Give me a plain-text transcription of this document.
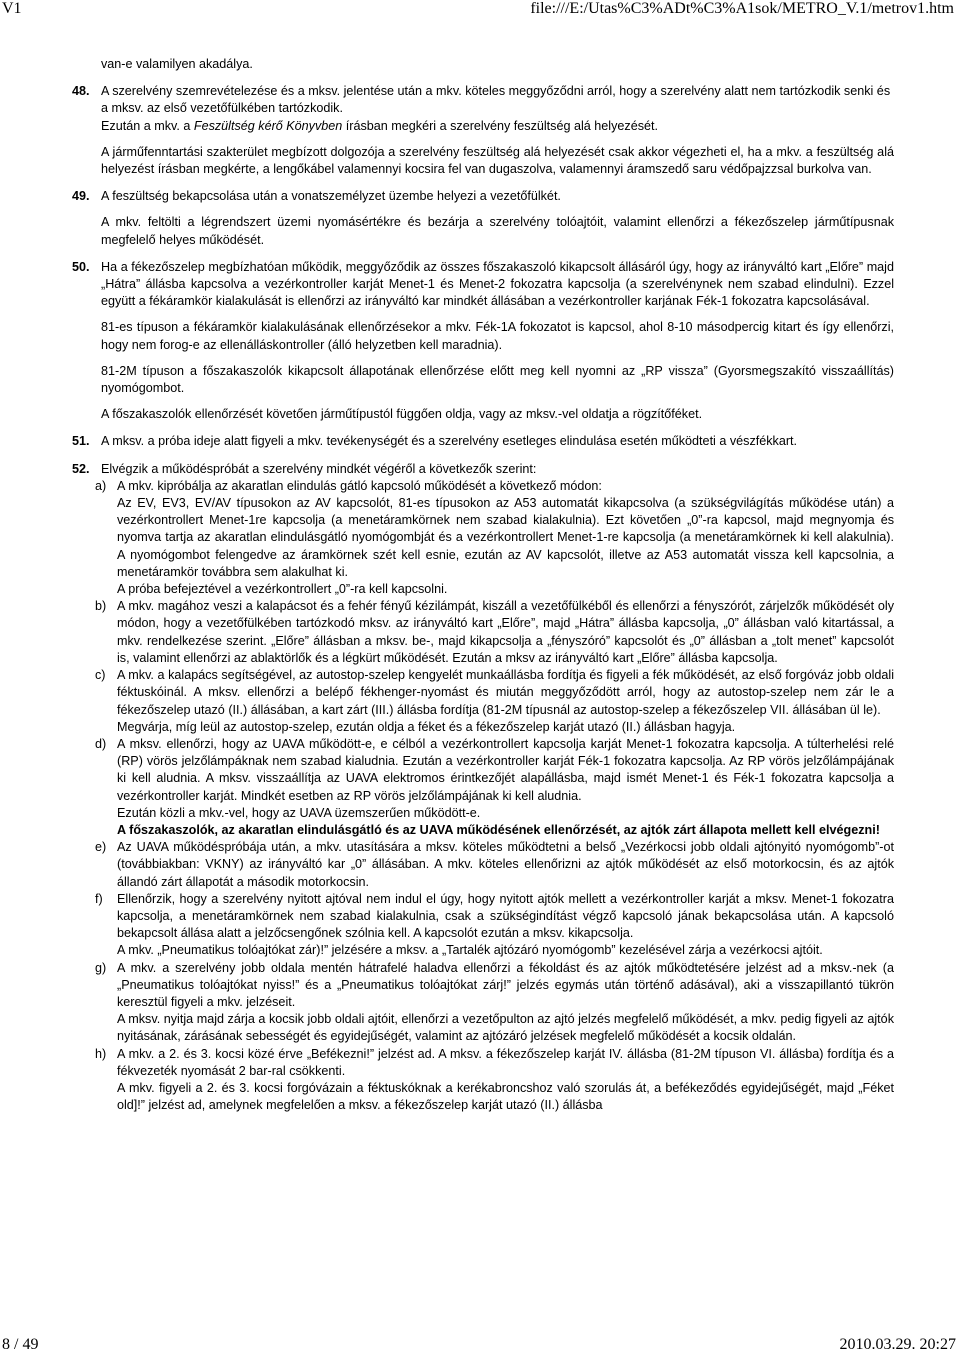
V1	file:///E:/Utas%C3%ADt%C3%A1sok/METRO_V.1/metrov1.htm

van-e valamilyen akadálya.

48. A szerelvény szemrevételezése és a mksv. jelentése után a mkv. köteles meggyőződni arról, hogy a szerelvény alatt nem tartózkodik senki és a mksv. az első vezetőfülkében tartózkodik.

Ezután a mkv. a Feszültség kérő Könyvben írásban megkéri a szerelvény feszültség alá helyezését.

A járműfenntartási szakterület megbízott dolgozója a szerelvény feszültség alá helyezését csak akkor végezheti el, ha a mkv. a feszültség alá helyezést írásban megkérte, a lengőkábel valamennyi kocsira fel van dugaszolva, valamennyi áramszedő saru védőpajzzsal burkolva van.

49. A feszültség bekapcsolása után a vonatszemélyzet üzembe helyezi a vezetőfülkét.

A mkv. feltölti a légrendszert üzemi nyomásértékre és bezárja a szerelvény tolóajtóit, valamint ellenőrzi a fékezőszelep járműtípusnak megfelelő helyes működését.

50. Ha a fékezőszelep megbízhatóan működik, meggyőződik az összes főszakaszoló kikapcsolt állásáról úgy, hogy az irányváltó kart „Előre” majd „Hátra” állásba kapcsolva a vezérkontroller karját Menet-1 és Menet-2 fokozatra kapcsolja (a szerelvénynek nem szabad elindulni). Ezzel együtt a fékáramkör kialakulását is ellenőrzi az irányváltó kar mindkét állásában a vezérkontroller karjának Fék-1 fokozatra kapcsolásával.

81-es típuson a fékáramkör kialakulásának ellenőrzésekor a mkv. Fék-1A fokozatot is kapcsol, ahol 8-10 másodpercig kitart és így ellenőrzi, hogy nem forog-e az ellenálláskontroller (álló helyzetben kell maradnia).

81-2M típuson a főszakaszolók kikapcsolt állapotának ellenőrzése előtt meg kell nyomni az „RP vissza” (Gyorsmegszakító visszaállítás) nyomógombot.

A főszakaszolók ellenőrzését követően járműtípustól függően oldja, vagy az mksv.-vel oldatja a rögzítőféket.

51. A mksv. a próba ideje alatt figyeli a mkv. tevékenységét és a szerelvény esetleges elindulása esetén működteti a vészfékkart.

52. Elvégzik a működéspróbát a szerelvény mindkét végéről a következők szerint:

a) A mkv. kipróbálja az akaratlan elindulás gátló kapcsoló működését a következő módon:

Az EV, EV3, EV/AV típusokon az AV kapcsolót, 81-es típusokon az A53 automatát kikapcsolva (a szükségvilágítás működése után) a vezérkontrollert Menet-1re kapcsolja (a menetáramkörnek nem szabad kialakulnia). Ezt követően „0”-ra kapcsol, majd megnyomja és nyomva tartja az akaratlan elindulásgátló nyomógombját és a vezérkontrollert Menet-1-re kapcsolja (a menetáramkörnek ki kell alakulnia). A nyomógombot felengedve az áramkörnek szét kell esnie, ezután az AV kapcsolót, illetve az A53 automatát vissza kell kapcsolnia, a menetáramkör továbbra sem alakulhat ki.

A próba befejeztével a vezérkontrollert „0”-ra kell kapcsolni.

b) A mkv. magához veszi a kalapácsot és a fehér fényű kézilámpát, kiszáll a vezetőfülkéből és ellenőrzi a fényszórót, zárjelzők működését oly módon, hogy a vezetőfülkében tartózkodó mksv. az irányváltó kart „Előre”, majd „Hátra” állásba kapcsolja, „0” állásban való kitartással, a mkv. rendelkezése szerint. „Előre” állásban a mksv. be-, majd kikapcsolja a „fényszóró” kapcsolót és „0” állásban a „tolt menet” kapcsolót is, valamint ellenőrzi az ablaktörlők és a légkürt működését. Ezután a mksv az irányváltó kart „Előre” állásba kapcsolja.

c) A mkv. a kalapács segítségével, az autostop-szelep kengyelét munkaállásba fordítja és figyeli a fék működését, az első forgóváz jobb oldali féktuskóinál. A mksv. ellenőrzi a belépő fékhenger-nyomást és miután meggyőződött arról, hogy az autostop-szelep nem zár le a fékezőszelep utazó (II.) állásában, a kart zárt (III.) állásba fordítja (81-2M típusnál az autostop-szelep a fékezőszelep VII. állásában ül le).

Megvárja, míg leül az autostop-szelep, ezután oldja a féket és a fékezőszelep karját utazó (II.) állásban hagyja.

d) A mksv. ellenőrzi, hogy az UAVA működött-e, e célból a vezérkontrollert kapcsolja karját Menet-1 fokozatra kapcsolja. A túlterhelési relé (RP) vörös jelzőlámpáknak nem szabad kialudnia. Ezután a vezérkontroller karját Fék-1 fokozatra kapcsolja. Az RP vörös jelzőlámpájának ki kell aludnia. A mksv. visszaállítja az UAVA elektromos érintkezőjét alapállásba, majd ismét Menet-1 és Fék-1 fokozatra kapcsolja a vezérkontroller karját. Mindkét esetben az RP vörös jelzőlámpájának ki kell aludnia.

Ezután közli a mkv.-vel, hogy az UAVA üzemszerűen működött-e.

A főszakaszolók, az akaratlan elindulásgátló és az UAVA működésének ellenőrzését, az ajtók zárt állapota mellett kell elvégezni!

e) Az UAVA működéspróbája után, a mkv. utasítására a mksv. köteles működtetni a belső „Vezérkocsi jobb oldali ajtónyitó nyomógomb”-ot (továbbiakban: VKNY) az irányváltó kar „0” állásában. A mkv. köteles ellenőrizni az ajtók működését az első motorkocsin, és az ajtók állandó zárt állapotát a második motorkocsin.

f) Ellenőrzik, hogy a szerelvény nyitott ajtóval nem indul el úgy, hogy nyitott ajtók mellett a vezérkontroller karját a mksv. Menet-1 fokozatra kapcsolja, a menetáramkörnek nem szabad kialakulnia, csak a szükségindítást végző kapcsoló jának bekapcsolása után. A kapcsoló bekapcsolt állása alatt a jelzőcsengőnek szólnia kell. A kapcsolót ezután a mksv. kikapcsolja.

A mkv. „Pneumatikus tolóajtókat zár)!” jelzésére a mksv. a „Tartalék ajtózáró nyomógomb” kezelésével zárja a vezérkocsi ajtóit.

g) A mkv. a szerelvény jobb oldala mentén hátrafelé haladva ellenőrzi a fékoldást és az ajtók működtetésére jelzést ad a mksv.-nek (a „Pneumatikus tolóajtókat nyiss!” és a „Pneumatikus tolóajtókat zárj!” jelzés egymás után történő adásával), aki a visszapillantó tükrön keresztül figyeli a mkv. jelzéseit.

A mksv. nyitja majd zárja a kocsik jobb oldali ajtóit, ellenőrzi a vezetőpulton az ajtó jelzés megfelelő működését, a mkv. pedig figyeli az ajtók nyitásának, zárásának sebességét és egyidejűségét, valamint az ajtózáró jelzések megfelelő működését a kocsik oldalán.

h) A mkv. a 2. és 3. kocsi közé érve „Befékezni!” jelzést ad. A mksv. a fékezőszelep karját IV. állásba (81-2M típuson VI. állásba) fordítja és a fékvezeték nyomását 2 bar-ral csökkenti.

A mkv. figyeli a 2. és 3. kocsi forgóvázain a féktuskóknak a kerékabroncshoz való szorulás át, a befékeződés egyidejűségét, majd „Féket old]!” jelzést ad, amelynek megfelelően a mksv. a fékezőszelep karját utazó (II.) állásba

8 / 49	2010.03.29. 20:27
